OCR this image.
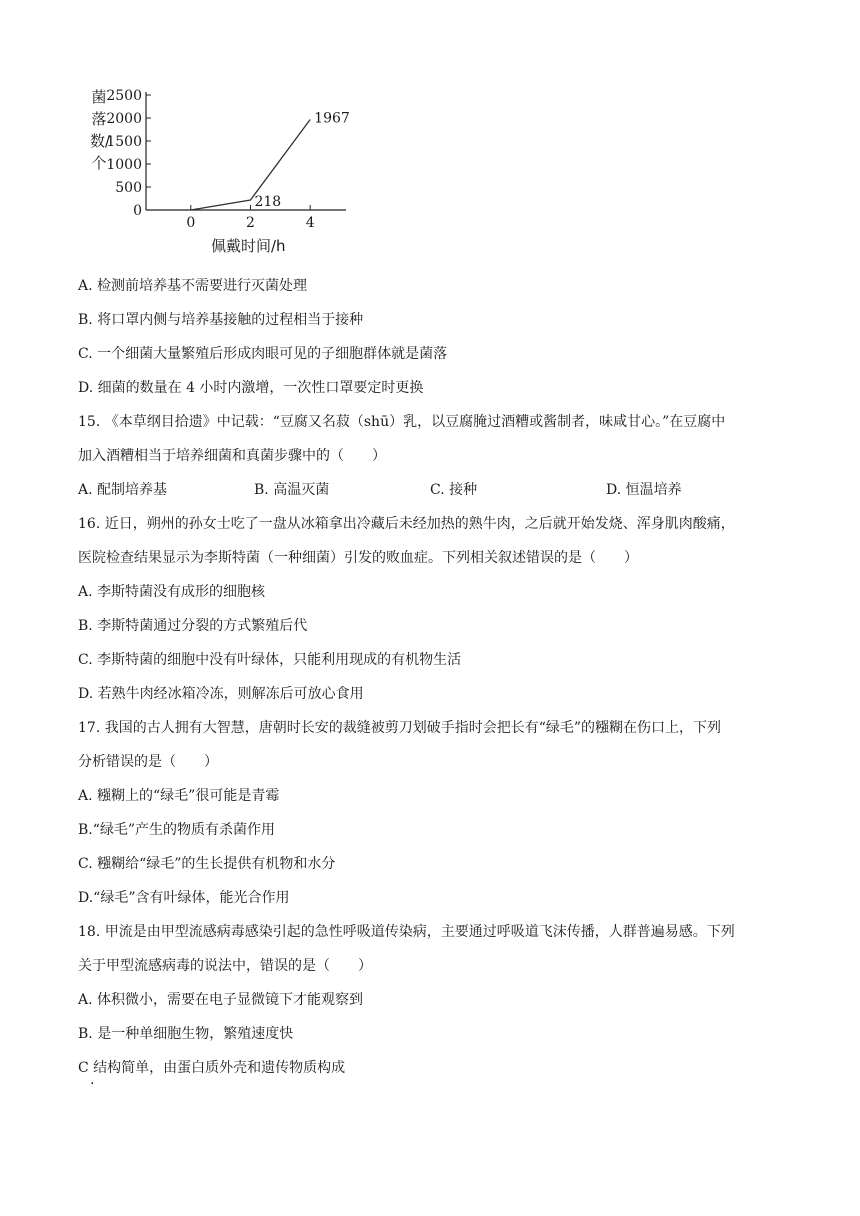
0
500
1000
1500
2000
2500
0	2	4
218
1967
菌落数/个
佩戴时间/h
A. 检测前培养基不需要进行灭菌处理
B. 将口罩内侧与培养基接触的过程相当于接种
C. 一个细菌大量繁殖后形成肉眼可见的子细胞群体就是菌落
D. 细菌的数量在 4 小时内激增，一次性口罩要定时更换
15. 《本草纲目拾遗》中记载：“豆腐又名菽（shū）乳，以豆腐腌过酒糟或酱制者，味咸甘心。”在豆腐中
加入酒糟相当于培养细菌和真菌步骤中的（　　）
A. 配制培养基	B. 高温灭菌	C. 接种	D. 恒温培养
16. 近日，朔州的孙女士吃了一盘从冰箱拿出冷藏后未经加热的熟牛肉，之后就开始发烧、浑身肌肉酸痛，
医院检查结果显示为李斯特菌（一种细菌）引发的败血症。下列相关叙述错误的是（　　）
A. 李斯特菌没有成形的细胞核
B. 李斯特菌通过分裂的方式繁殖后代
C. 李斯特菌的细胞中没有叶绿体，只能利用现成的有机物生活
D. 若熟牛肉经冰箱冷冻，则解冻后可放心食用
17. 我国的古人拥有大智慧，唐朝时长安的裁缝被剪刀划破手指时会把长有“绿毛”的糨糊在伤口上，下列
分析错误的是（　　）
A. 糨糊上的“绿毛”很可能是青霉
B.“绿毛”产生的物质有杀菌作用
C. 糨糊给“绿毛”的生长提供有机物和水分
D.“绿毛”含有叶绿体，能光合作用
18. 甲流是由甲型流感病毒感染引起的急性呼吸道传染病，主要通过呼吸道飞沫传播，人群普遍易感。下列
关于甲型流感病毒的说法中，错误的是（　　）
A. 体积微小，需要在电子显微镜下才能观察到
B. 是一种单细胞生物，繁殖速度快
C 结构简单，由蛋白质外壳和遗传物质构成
.
